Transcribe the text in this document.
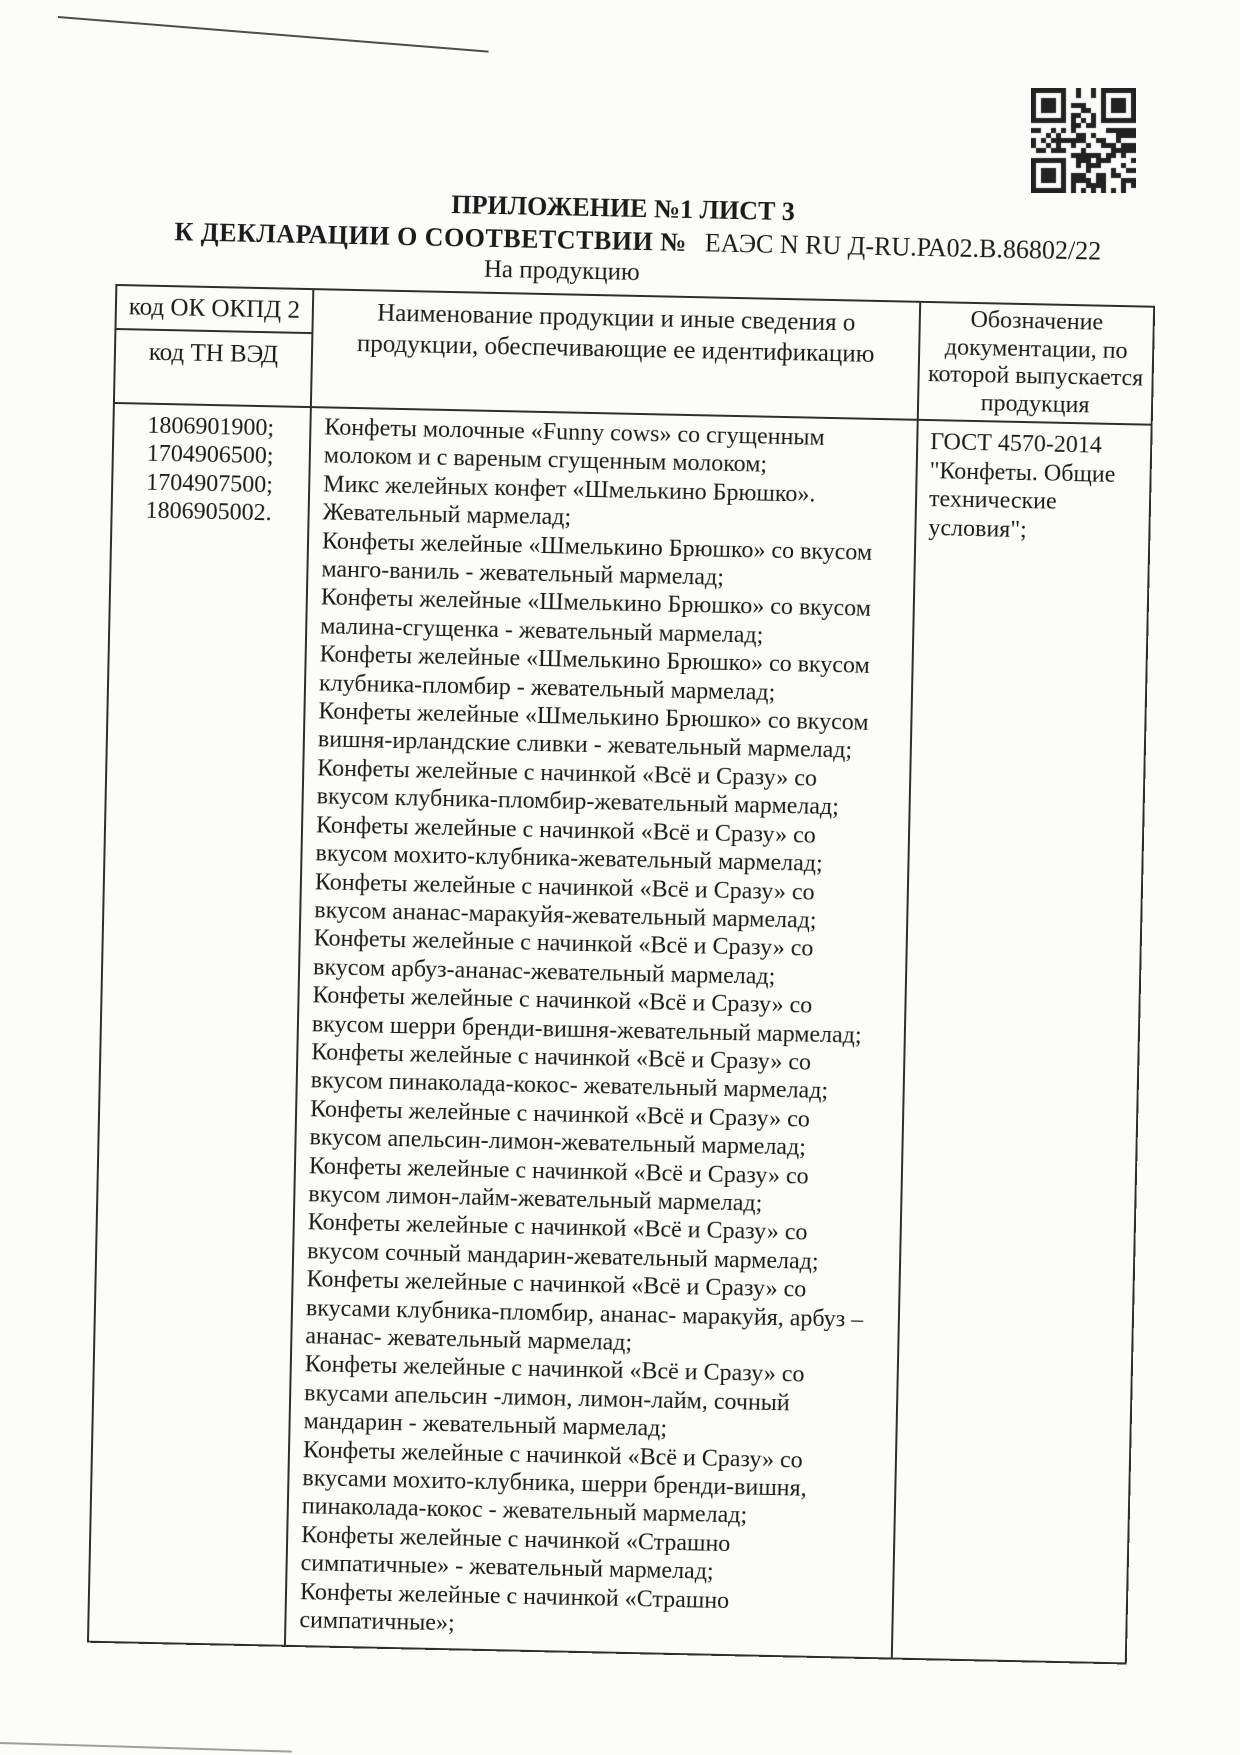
ПРИЛОЖЕНИЕ №1 ЛИСТ 3
К ДЕКЛАРАЦИИ О СООТВЕТСТВИИ № ЕАЭС N RU Д-RU.РА02.В.86802/22
На продукцию
код ОК ОКПД 2
код ТН ВЭД
Наименование продукции и иные сведения о продукции, обеспечивающие ее идентификацию
Обозначение документации, по которой выпускается продукция
1806901900;
1704906500;
1704907500;
1806905002.
Конфеты молочные «Funny cows» со сгущенным молоком и с вареным сгущенным молоком;
Микс желейных конфет «Шмелькино Брюшко». Жевательный мармелад;
Конфеты желейные «Шмелькино Брюшко» со вкусом манго-ваниль - жевательный мармелад;
Конфеты желейные «Шмелькино Брюшко» со вкусом малина-сгущенка - жевательный мармелад;
Конфеты желейные «Шмелькино Брюшко» со вкусом клубника-пломбир - жевательный мармелад;
Конфеты желейные «Шмелькино Брюшко» со вкусом вишня-ирландские сливки - жевательный мармелад;
Конфеты желейные с начинкой «Всё и Сразу» со вкусом клубника-пломбир-жевательный мармелад;
Конфеты желейные с начинкой «Всё и Сразу» со вкусом мохито-клубника-жевательный мармелад;
Конфеты желейные с начинкой «Всё и Сразу» со вкусом ананас-маракуйя-жевательный мармелад;
Конфеты желейные с начинкой «Всё и Сразу» со вкусом арбуз-ананас-жевательный мармелад;
Конфеты желейные с начинкой «Всё и Сразу» со вкусом шерри бренди-вишня-жевательный мармелад;
Конфеты желейные с начинкой «Всё и Сразу» со вкусом пинаколада-кокос- жевательный мармелад;
Конфеты желейные с начинкой «Всё и Сразу» со вкусом апельсин-лимон-жевательный мармелад;
Конфеты желейные с начинкой «Всё и Сразу» со вкусом лимон-лайм-жевательный мармелад;
Конфеты желейные с начинкой «Всё и Сразу» со вкусом сочный мандарин-жевательный мармелад;
Конфеты желейные с начинкой «Всё и Сразу» со вкусами клубника-пломбир, ананас- маракуйя, арбуз – ананас- жевательный мармелад;
Конфеты желейные с начинкой «Всё и Сразу» со вкусами апельсин -лимон, лимон-лайм, сочный мандарин - жевательный мармелад;
Конфеты желейные с начинкой «Всё и Сразу» со вкусами мохито-клубника, шерри бренди-вишня, пинаколада-кокос - жевательный мармелад;
Конфеты желейные с начинкой «Страшно симпатичные» - жевательный мармелад;
Конфеты желейные с начинкой «Страшно симпатичные»;
ГОСТ 4570-2014 "Конфеты. Общие технические условия";
